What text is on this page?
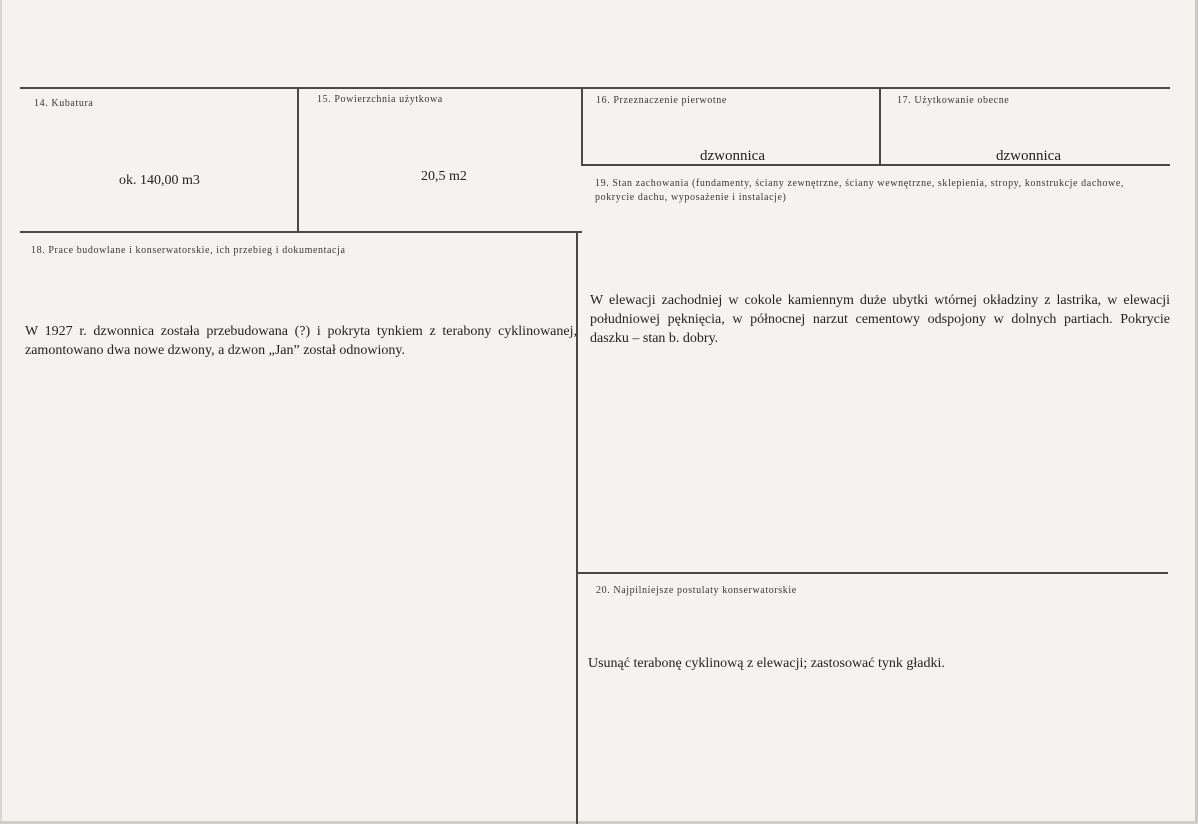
14. Kubatura
ok. 140,00 m3
15. Powierzchnia użytkowa
20,5 m2
16. Przeznaczenie pierwotne
dzwonnica
17. Użytkowanie obecne
dzwonnica
19. Stan zachowania (fundamenty, ściany zewnętrzne, ściany wewnętrzne, sklepienia, stropy, konstrukcje dachowe, pokrycie dachu, wyposażenie i instalacje)
W elewacji zachodniej w cokole kamiennym duże ubytki wtórnej okładziny z lastrika, w elewacji południowej pęknięcia, w północnej narzut cementowy odspojony w dolnych partiach. Pokrycie daszku – stan b. dobry.
18. Prace budowlane i konserwatorskie, ich przebieg i dokumentacja
W 1927 r. dzwonnica została przebudowana (?) i pokryta tynkiem z terabony cyklinowanej, zamontowano dwa nowe dzwony, a dzwon „Jan” został odnowiony.
20. Najpilniejsze postulaty konserwatorskie
Usunąć terabonę cyklinową z elewacji; zastosować tynk gładki.
